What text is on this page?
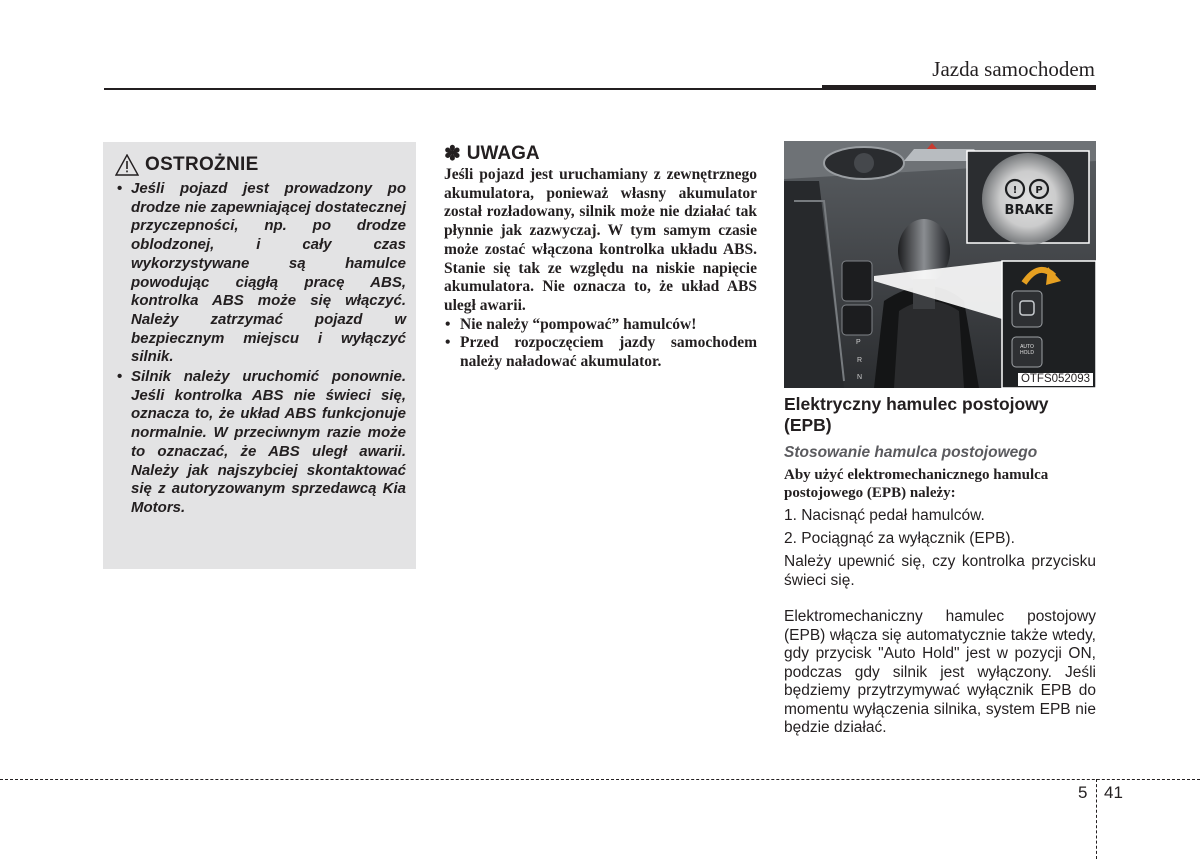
Jazda samochodem
OSTROŻNIE
• Jeśli pojazd jest prowadzony po drodze nie zapewniającej dostatecznej przyczepności, np. po drodze oblodzonej, i cały czas wykorzystywane są hamulce powodując ciągłą pracę ABS, kontrolka ABS może się włączyć. Należy zatrzymać pojazd w bezpiecznym miejscu i wyłączyć silnik.
• Silnik należy uruchomić ponownie. Jeśli kontrolka ABS nie świeci się, oznacza to, że układ ABS funkcjonuje normalnie. W przeciwnym razie może to oznaczać, że ABS uległ awarii. Należy jak najszybciej skontaktować się z autoryzowanym sprzedawcą Kia Motors.
✽ UWAGA
Jeśli pojazd jest uruchamiany z zewnętrznego akumulatora, ponieważ własny akumulator został rozładowany, silnik może nie działać tak płynnie jak zazwyczaj. W tym samym czasie może zostać włączona kontrolka układu ABS. Stanie się tak ze względu na niskie napięcie akumulatora. Nie oznacza to, że układ ABS uległ awarii.
• Nie należy “pompować” hamulców!
• Przed rozpoczęciem jazdy samochodem należy naładować akumulator.
! P
BRAKE
AUTO HOLD
P
R
N	OTFS052093
Elektryczny hamulec postojowy (EPB)
Stosowanie hamulca postojowego
Aby użyć elektromechanicznego hamulca postojowego (EPB) należy:
1. Nacisnąć pedał hamulców.
2. Pociągnąć za wyłącznik (EPB).
Należy upewnić się, czy kontrolka przycisku świeci się.
Elektromechaniczny hamulec postojowy (EPB) włącza się automatycznie także wtedy, gdy przycisk "Auto Hold" jest w pozycji ON, podczas gdy silnik jest wyłączony. Jeśli będziemy przytrzymywać wyłącznik EPB do momentu wyłączenia silnika, system EPB nie będzie działać.
5 41
